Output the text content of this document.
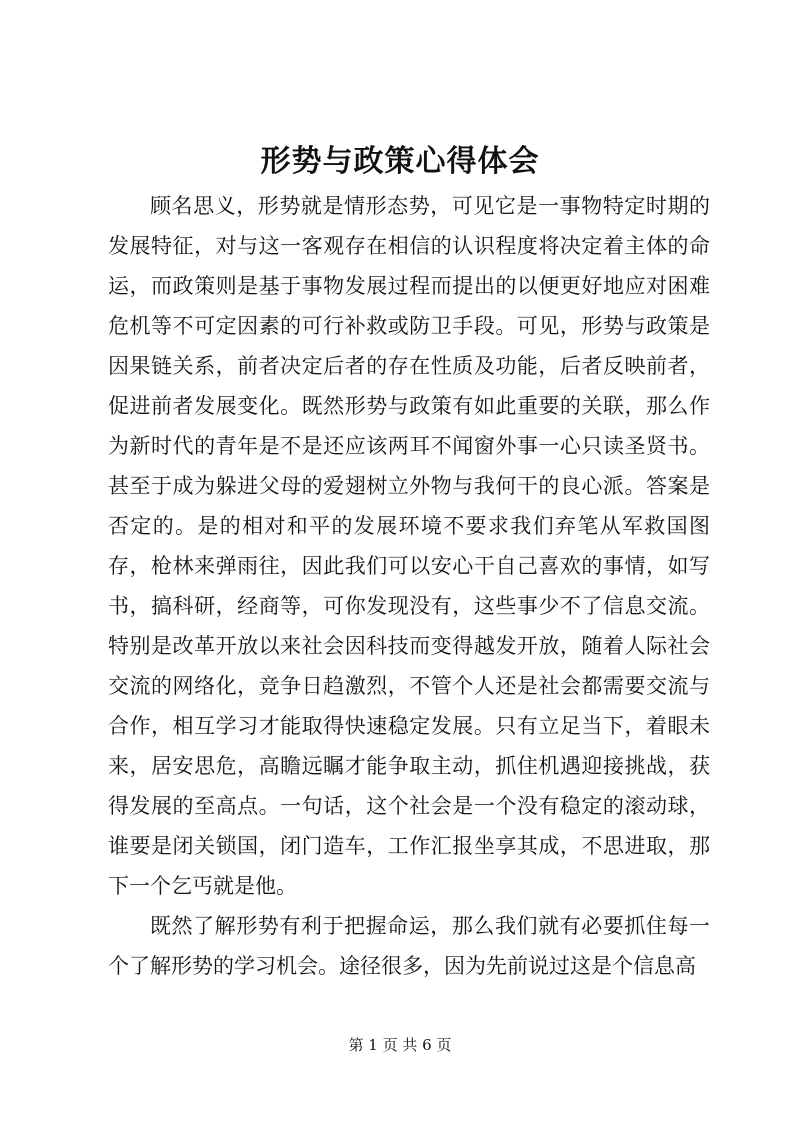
形势与政策心得体会

顾名思义，形势就是情形态势，可见它是一事物特定时期的发展特征，对与这一客观存在相信的认识程度将决定着主体的命运，而政策则是基于事物发展过程而提出的以便更好地应对困难危机等不可定因素的可行补救或防卫手段。可见，形势与政策是因果链关系，前者决定后者的存在性质及功能，后者反映前者，促进前者发展变化。既然形势与政策有如此重要的关联，那么作为新时代的青年是不是还应该两耳不闻窗外事一心只读圣贤书。甚至于成为躲进父母的爱翅树立外物与我何干的良心派。答案是否定的。是的相对和平的发展环境不要求我们弃笔从军救国图存，枪林来弹雨往，因此我们可以安心干自己喜欢的事情，如写书，搞科研，经商等，可你发现没有，这些事少不了信息交流。特别是改革开放以来社会因科技而变得越发开放，随着人际社会交流的网络化，竞争日趋激烈，不管个人还是社会都需要交流与合作，相互学习才能取得快速稳定发展。只有立足当下，着眼未来，居安思危，高瞻远瞩才能争取主动，抓住机遇迎接挑战，获得发展的至高点。一句话，这个社会是一个没有稳定的滚动球，谁要是闭关锁国，闭门造车，工作汇报坐享其成，不思进取，那下一个乞丐就是他。

既然了解形势有利于把握命运，那么我们就有必要抓住每一个了解形势的学习机会。途径很多，因为先前说过这是个信息高

第 1 页 共 6 页
